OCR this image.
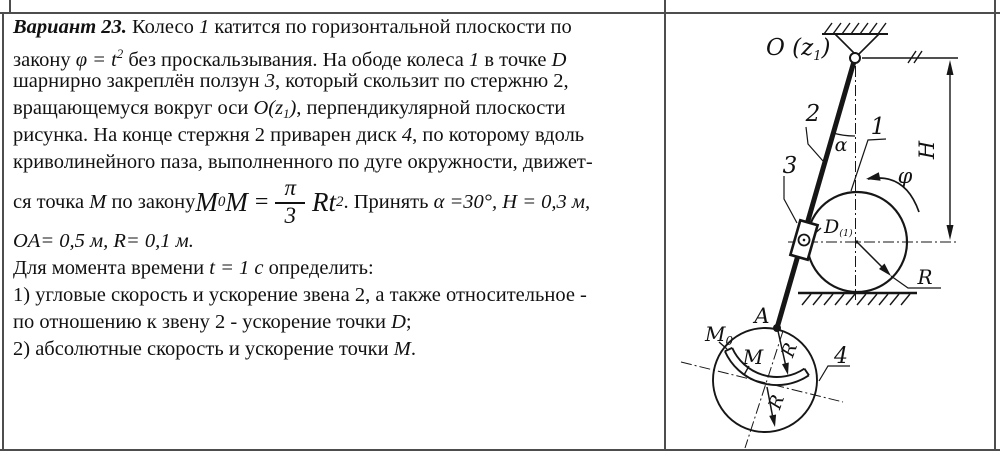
Вариант 23. Колесо 1 катится по горизонтальной плоскости по
закону $\varphi = t^2$ без проскальзывания. На ободе колеса 1 в точке D
шарнирно закреплён ползун 3, который скользит по стержню 2,
вращающемуся вокруг оси $O(z_1)$, перпендикулярной плоскости
рисунка. На конце стержня 2 приварен диск 4, по которому вдоль
криволинейного паза, выполненного по дуге окружности, движет-
ся точка M по закону M 0 $M = \frac{\pi}{3}$ Rt 2 . Принять α =30°, H = 0,3 м,
OA= 0,5 м, R= 0,1 м.
Для момента времени t = 1 с определить:
1) угловые скорость и ускорение звена 2, а также относительное -
по отношению к звену 2 - ускорение точки D;
2) абсолютные скорость и ускорение точки M.
O $(z_1)$
2 1
3
α
φ
H
D(1)
R
A
$M_0$
M R
R
4
